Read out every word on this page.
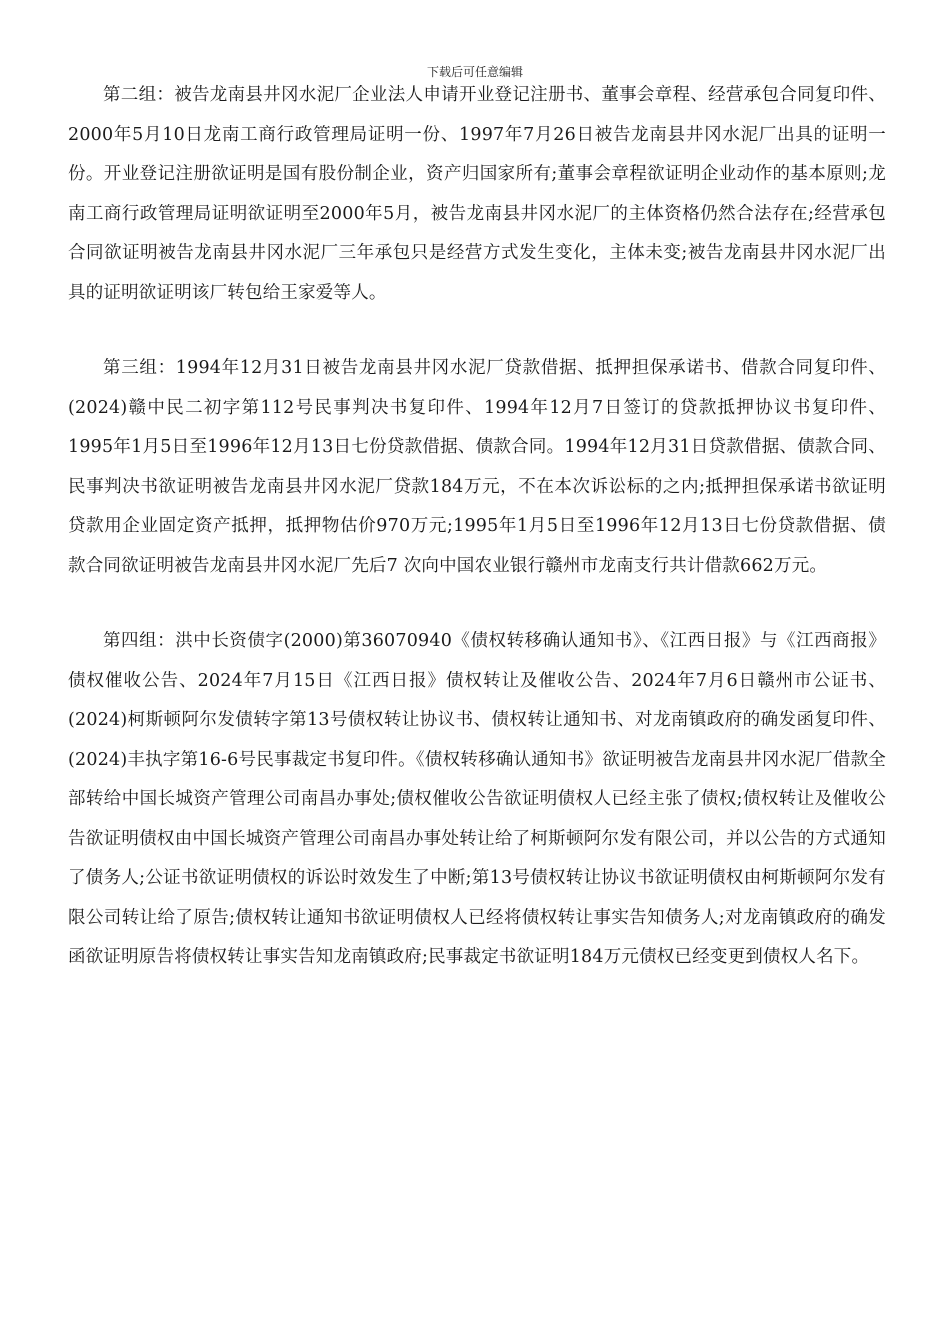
下载后可任意编辑

第二组：被告龙南县井冈水泥厂企业法人申请开业登记注册书、董事会章程、经营承包合同复印件、2000年5月10日龙南工商行政管理局证明一份、1997年7月26日被告龙南县井冈水泥厂出具的证明一份。开业登记注册欲证明是国有股份制企业，资产归国家所有;董事会章程欲证明企业动作的基本原则;龙南工商行政管理局证明欲证明至2000年5月，被告龙南县井冈水泥厂的主体资格仍然合法存在;经营承包合同欲证明被告龙南县井冈水泥厂三年承包只是经营方式发生变化，主体未变;被告龙南县井冈水泥厂出具的证明欲证明该厂转包给王家爱等人。

第三组：1994年12月31日被告龙南县井冈水泥厂贷款借据、抵押担保承诺书、借款合同复印件、(2024)赣中民二初字第112号民事判决书复印件、1994年12月7日签订的贷款抵押协议书复印件、1995年1月5日至1996年12月13日七份贷款借据、债款合同。1994年12月31日贷款借据、债款合同、民事判决书欲证明被告龙南县井冈水泥厂贷款184万元，不在本次诉讼标的之内;抵押担保承诺书欲证明贷款用企业固定资产抵押，抵押物估价970万元;1995年1月5日至1996年12月13日七份贷款借据、债款合同欲证明被告龙南县井冈水泥厂先后7 次向中国农业银行赣州市龙南支行共计借款662万元。

第四组：洪中长资债字(2000)第36070940《债权转移确认通知书》、《江西日报》与《江西商报》债权催收公告、2024年7月15日《江西日报》债权转让及催收公告、2024年7月6日赣州市公证书、(2024)柯斯顿阿尔发债转字第13号债权转让协议书、债权转让通知书、对龙南镇政府的确发函复印件、(2024)丰执字第16-6号民事裁定书复印件。《债权转移确认通知书》欲证明被告龙南县井冈水泥厂借款全部转给中国长城资产管理公司南昌办事处;债权催收公告欲证明债权人已经主张了债权;债权转让及催收公告欲证明债权由中国长城资产管理公司南昌办事处转让给了柯斯顿阿尔发有限公司，并以公告的方式通知了债务人;公证书欲证明债权的诉讼时效发生了中断;第13号债权转让协议书欲证明债权由柯斯顿阿尔发有限公司转让给了原告;债权转让通知书欲证明债权人已经将债权转让事实告知债务人;对龙南镇政府的确发函欲证明原告将债权转让事实告知龙南镇政府;民事裁定书欲证明184万元债权已经变更到债权人名下。
